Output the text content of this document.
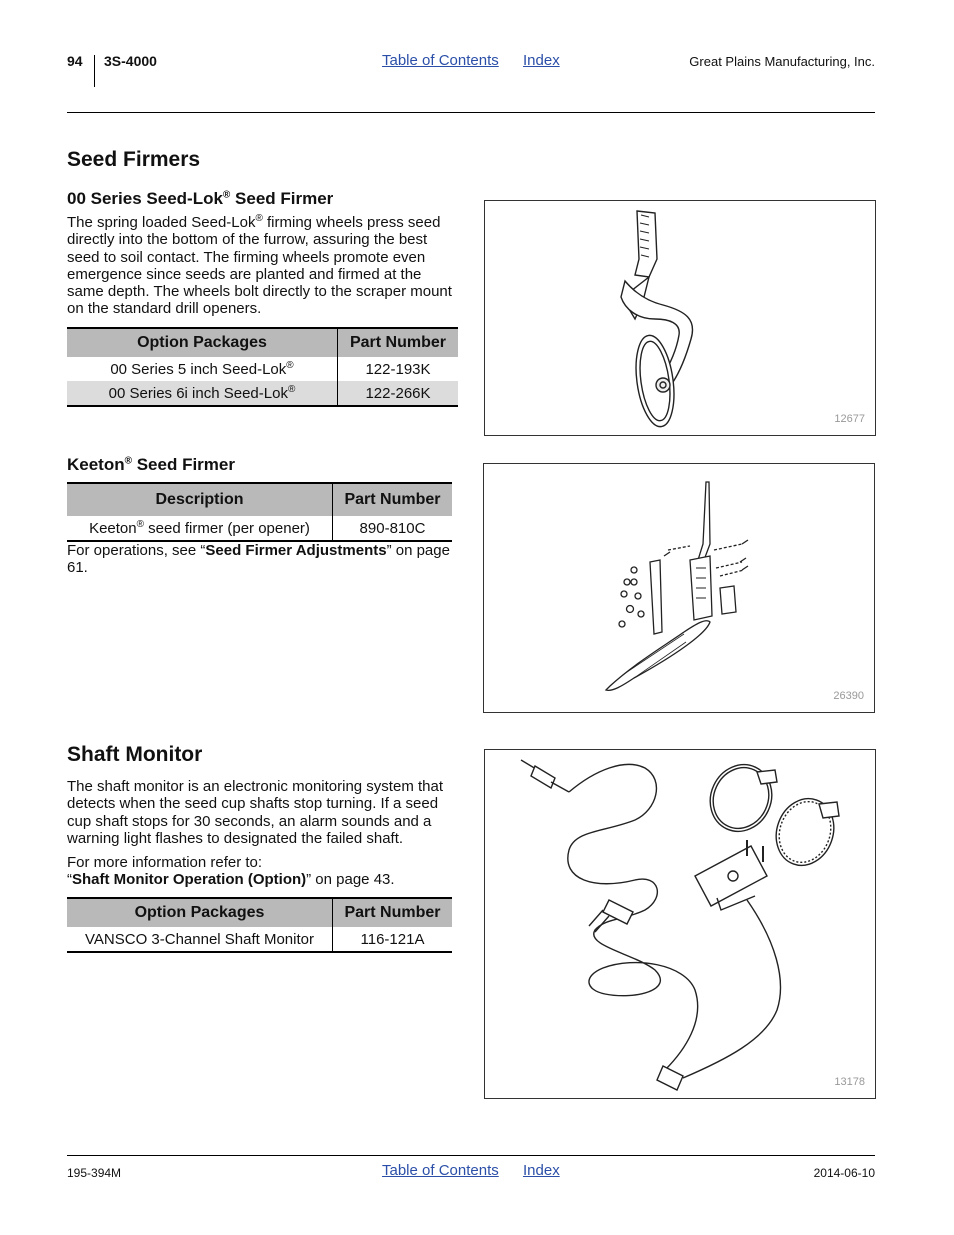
94 3S-4000	Table of Contents Index	Great Plains Manufacturing, Inc.
Seed Firmers
00 Series Seed-Lok® Seed Firmer
The spring loaded Seed-Lok® firming wheels press seed directly into the bottom of the furrow, assuring the best seed to soil contact. The firming wheels promote even emergence since seeds are planted and firmed at the same depth. The wheels bolt directly to the scraper mount on the standard drill openers.
Option Packages	Part Number
00 Series 5 inch Seed-Lok®	122-193K
00 Series 6i inch Seed-Lok®	122-266K
12677
Keeton® Seed Firmer
Description	Part Number
Keeton® seed firmer (per opener)	890-810C
For operations, see “Seed Firmer Adjustments” on page 61.
26390
Shaft Monitor
The shaft monitor is an electronic monitoring system that detects when the seed cup shafts stop turning. If a seed cup shaft stops for 30 seconds, an alarm sounds and a warning light flashes to designated the failed shaft.
For more information refer to:
“Shaft Monitor Operation (Option)” on page 43.
Option Packages	Part Number
VANSCO 3-Channel Shaft Monitor	116-121A
13178
195-394M	Table of Contents Index	2014-06-10
